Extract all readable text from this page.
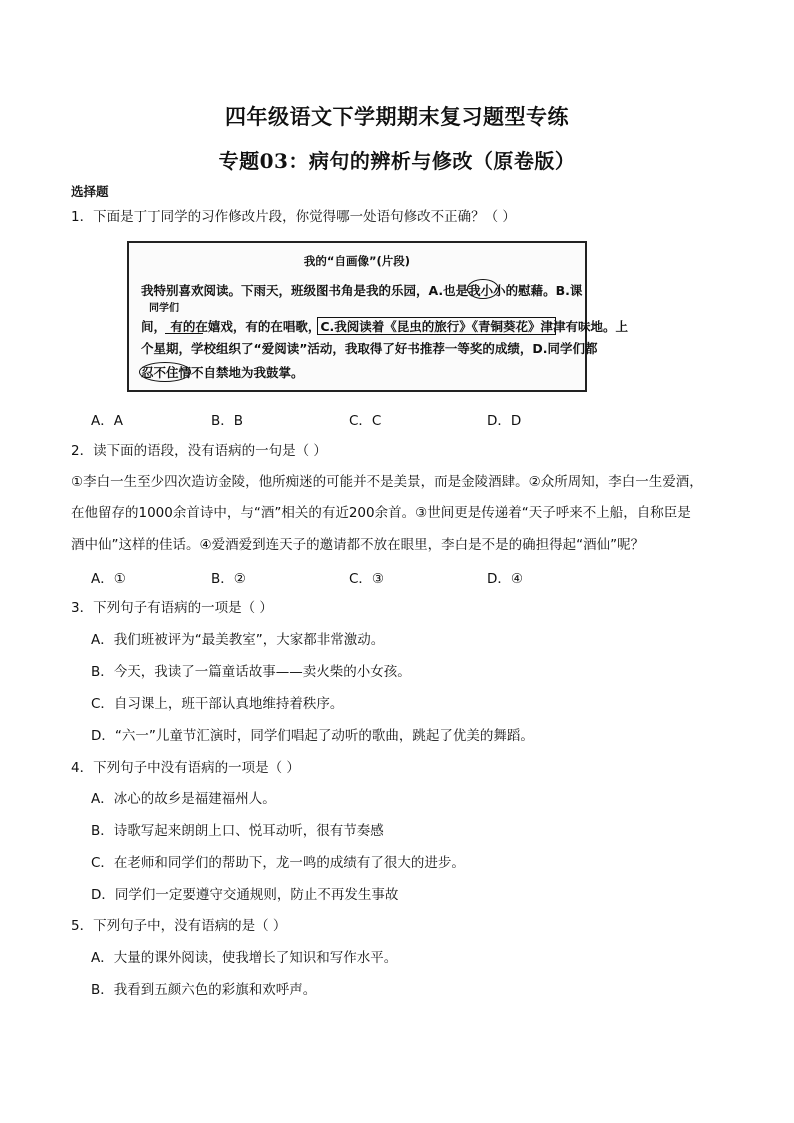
四年级语文下学期期末复习题型专练
专题03：病句的辨析与修改（原卷版）
选择题
1．下面是丁丁同学的习作修改片段，你觉得哪一处语句修改不正确？（ ）
我的“自画像”(片段)
我特别喜欢阅读。下雨天，班级图书角是我的乐园，A.也是我小小的慰藉。B.课
同学们
间， 有的在嬉戏，有的在唱歌，C.我阅读着《昆虫的旅行》《青铜葵花》津津有味地。上
个星期，学校组织了“爱阅读”活动，我取得了好书推荐一等奖的成绩，D.同学们都
忍不住情不自禁地为我鼓掌。
A．A	B．B	C．C	D．D
2．读下面的语段，没有语病的一句是（ ）
①李白一生至少四次造访金陵，他所痴迷的可能并不是美景，而是金陵酒肆。②众所周知，李白一生爱酒，
在他留存的1000余首诗中，与“酒”相关的有近200余首。③世间更是传递着“天子呼来不上船，自称臣是
酒中仙”这样的佳话。④爱酒爱到连天子的邀请都不放在眼里，李白是不是的确担得起“酒仙”呢？
A．①	B．②	C．③	D．④
3．下列句子有语病的一项是（ ）
A．我们班被评为“最美教室”，大家都非常激动。
B．今天，我读了一篇童话故事——卖火柴的小女孩。
C．自习课上，班干部认真地维持着秩序。
D．“六一”儿童节汇演时，同学们唱起了动听的歌曲，跳起了优美的舞蹈。
4．下列句子中没有语病的一项是（ ）
A．冰心的故乡是福建福州人。
B．诗歌写起来朗朗上口、悦耳动听，很有节奏感
C．在老师和同学们的帮助下，龙一鸣的成绩有了很大的进步。
D．同学们一定要遵守交通规则，防止不再发生事故
5．下列句子中，没有语病的是（ ）
A．大量的课外阅读，使我增长了知识和写作水平。
B．我看到五颜六色的彩旗和欢呼声。
